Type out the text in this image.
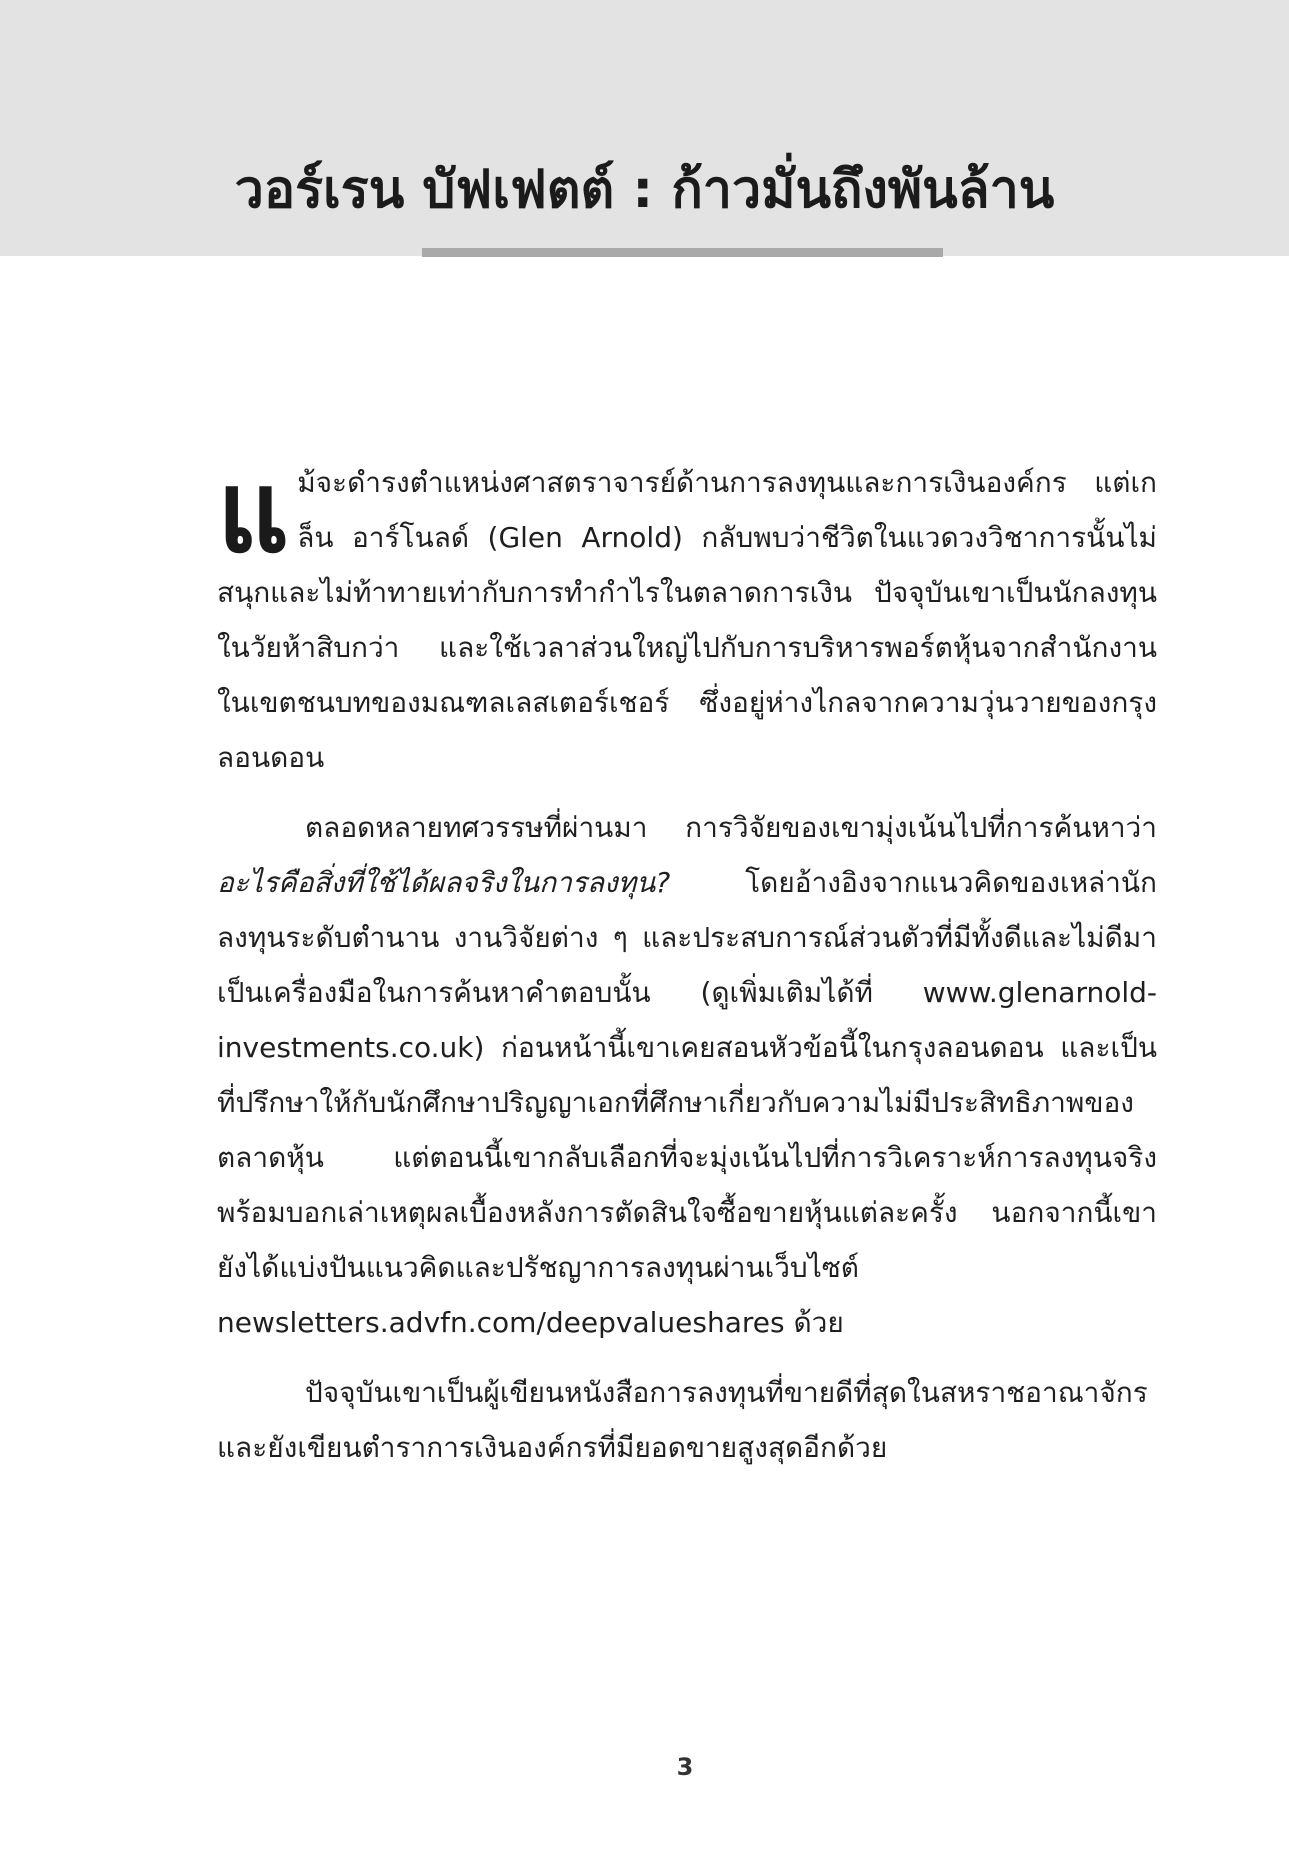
วอร์เรน บัฟเฟตต์ : ก้าวมั่นถึงพันล้าน

แม้จะดำรงตำแหน่งศาสตราจารย์ด้านการลงทุนและการเงินองค์กร แต่เกล็น อาร์โนลด์ (Glen Arnold) กลับพบว่าชีวิตในแวดวงวิชาการนั้นไม่สนุกและไม่ท้าทายเท่ากับการทำกำไรในตลาดการเงิน ปัจจุบันเขาเป็นนักลงทุนในวัยห้าสิบกว่า และใช้เวลาส่วนใหญ่ไปกับการบริหารพอร์ตหุ้นจากสำนักงานในเขตชนบทของมณฑลเลสเตอร์เชอร์ ซึ่งอยู่ห่างไกลจากความวุ่นวายของกรุงลอนดอน

ตลอดหลายทศวรรษที่ผ่านมา การวิจัยของเขามุ่งเน้นไปที่การค้นหาว่า อะไรคือสิ่งที่ใช้ได้ผลจริงในการลงทุน? โดยอ้างอิงจากแนวคิดของเหล่านักลงทุนระดับตำนาน งานวิจัยต่าง ๆ และประสบการณ์ส่วนตัวที่มีทั้งดีและไม่ดีมาเป็นเครื่องมือในการค้นหาคำตอบนั้น (ดูเพิ่มเติมได้ที่ www.glenarnold-investments.co.uk) ก่อนหน้านี้เขาเคยสอนหัวข้อนี้ในกรุงลอนดอน และเป็นที่ปรึกษาให้กับนักศึกษาปริญญาเอกที่ศึกษาเกี่ยวกับความไม่มีประสิทธิภาพของตลาดหุ้น แต่ตอนนี้เขากลับเลือกที่จะมุ่งเน้นไปที่การวิเคราะห์การลงทุนจริง พร้อมบอกเล่าเหตุผลเบื้องหลังการตัดสินใจซื้อขายหุ้นแต่ละครั้ง นอกจากนี้เขายังได้แบ่งปันแนวคิดและปรัชญาการลงทุนผ่านเว็บไซต์ newsletters.advfn.com/deepvalueshares ด้วย

ปัจจุบันเขาเป็นผู้เขียนหนังสือการลงทุนที่ขายดีที่สุดในสหราชอาณาจักร และยังเขียนตำราการเงินองค์กรที่มียอดขายสูงสุดอีกด้วย

3
